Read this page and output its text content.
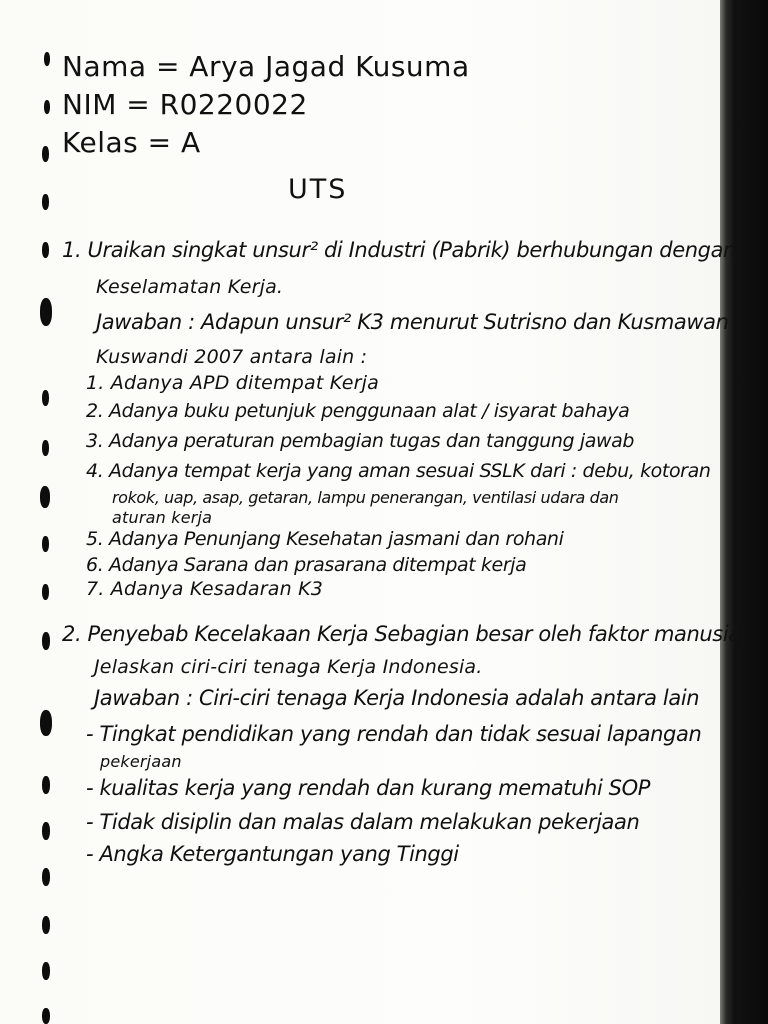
Nama = Arya Jagad Kusuma
NIM = R0220022
Kelas = A
UTS
1. Uraikan singkat unsur² di Industri (Pabrik) berhubungan dengan
Keselamatan Kerja.
Jawaban : Adapun unsur² K3 menurut Sutrisno dan Kusmawan
Kuswandi 2007 antara lain :
1. Adanya APD ditempat Kerja
2. Adanya buku petunjuk penggunaan alat / isyarat bahaya
3. Adanya peraturan pembagian tugas dan tanggung jawab
4. Adanya tempat kerja yang aman sesuai SSLK dari : debu, kotoran
rokok, uap, asap, getaran, lampu penerangan, ventilasi udara dan
aturan kerja
5. Adanya Penunjang Kesehatan jasmani dan rohani
6. Adanya Sarana dan prasarana ditempat kerja
7. Adanya Kesadaran K3
2. Penyebab Kecelakaan Kerja Sebagian besar oleh faktor manusia.
Jelaskan ciri-ciri tenaga Kerja Indonesia.
Jawaban : Ciri-ciri tenaga Kerja Indonesia adalah antara lain
- Tingkat pendidikan yang rendah dan tidak sesuai lapangan
pekerjaan
- kualitas kerja yang rendah dan kurang mematuhi SOP
- Tidak disiplin dan malas dalam melakukan pekerjaan
- Angka Ketergantungan yang Tinggi
